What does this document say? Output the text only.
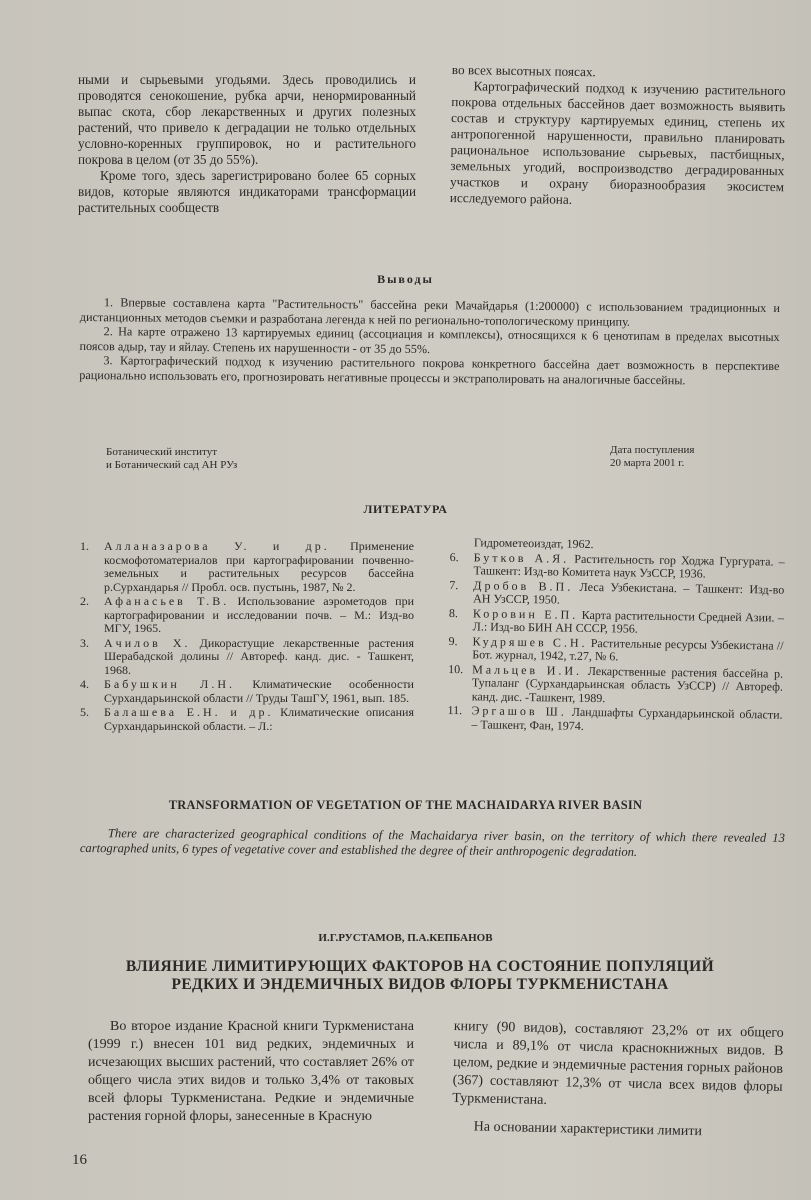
ными и сырьевыми угодьями. Здесь проводились и проводятся сенокошение, рубка арчи, ненормированный выпас скота, сбор лекарственных и других полезных растений, что привело к деградации не только отдельных условно-коренных группировок, но и растительного покрова в целом (от 35 до 55%).

Кроме того, здесь зарегистрировано более 65 сорных видов, которые являются индикаторами трансформации растительных сообществ

во всех высотных поясах.

Картографический подход к изучению растительного покрова отдельных бассейнов дает возможность выявить состав и структуру картируемых единиц, степень их антропогенной нарушенности, правильно планировать рациональное использование сырьевых, пастбищных, земельных угодий, воспроизводство деградированных участков и охрану биоразнообразия экосистем исследуемого района.

Выводы

1. Впервые составлена карта "Растительность" бассейна реки Мачайдарья (1:200000) с использованием традиционных и дистанционных методов съемки и разработана легенда к ней по регионально-топологическому принципу.

2. На карте отражено 13 картируемых единиц (ассоциация и комплексы), относящихся к 6 ценотипам в пределах высотных поясов адыр, тау и яйлау. Степень их нарушенности - от 35 до 55%.

3. Картографический подход к изучению растительного покрова конкретного бассейна дает возможность в перспективе рационально использовать его, прогнозировать негативные процессы и экстраполировать на аналогичные бассейны.

Ботанический институт
и Ботанический сад АН РУз
Дата поступления
20 марта 2001 г.
ЛИТЕРАТУРА
1.	Алланазарова У. и др. Применение космофотоматериалов при картографировании почвенно-земельных и растительных ресурсов бассейна р.Сурхандарья // Пробл. осв. пустынь, 1987, № 2.
2.	Афанасьев Т.В. Использование аэрометодов при картографировании и исследовании почв. – М.: Изд-во МГУ, 1965.
3.	Ачилов Х. Дикорастущие лекарственные растения Шерабадской долины // Автореф. канд. дис. - Ташкент, 1968.
4.	Бабушкин Л.Н. Климатические особенности Сурхандарьинской области // Труды ТашГУ, 1961, вып. 185.
5.	Балашева Е.Н. и др. Климатические описания Сурхандарьинской области. – Л.:
Гидрометеоиздат, 1962.
6.	Бутков А.Я. Растительность гор Ходжа Гургурата. – Ташкент: Изд-во Комитета наук УзССР, 1936.
7.	Дробов В.П. Леса Узбекистана. – Ташкент: Изд-во АН УзССР, 1950.
8.	Коровин Е.П. Карта растительности Средней Азии. – Л.: Изд-во БИН АН СССР, 1956.
9.	Кудряшев С.Н. Растительные ресурсы Узбекистана // Бот. журнал, 1942, т.27, № 6.
10. Мальцев И.И. Лекарственные растения бассейна р. Тупаланг (Сурхандарьинская область УзССР) // Автореф. канд. дис. -Ташкент, 1989.
11. Эргашов Ш. Ландшафты Сурхандарьинской области. – Ташкент, Фан, 1974.
TRANSFORMATION OF VEGETATION OF THE MACHAIDARYA RIVER BASIN

There are characterized geographical conditions of the Machaidarya river basin, on the territory of which there revealed 13 cartographed units, 6 types of vegetative cover and established the degree of their anthropogenic degradation.

И.Г.РУСТАМОВ, П.А.КЕПБАНОВ
ВЛИЯНИЕ ЛИМИТИРУЮЩИХ ФАКТОРОВ НА СОСТОЯНИЕ ПОПУЛЯЦИЙ
РЕДКИХ И ЭНДЕМИЧНЫХ ВИДОВ ФЛОРЫ ТУРКМЕНИСТАНА

Во второе издание Красной книги Туркменистана (1999 г.) внесен 101 вид редких, эндемичных и исчезающих высших растений, что составляет 26% от общего числа этих видов и только 3,4% от таковых всей флоры Туркменистана. Редкие и эндемичные растения горной флоры, занесенные в Красную

книгу (90 видов), составляют 23,2% от их общего числа и 89,1% от числа краснокнижных видов. В целом, редкие и эндемичные растения горных районов (367) составляют 12,3% от числа всех видов флоры Туркменистана.

На основании характеристики лимити

16
